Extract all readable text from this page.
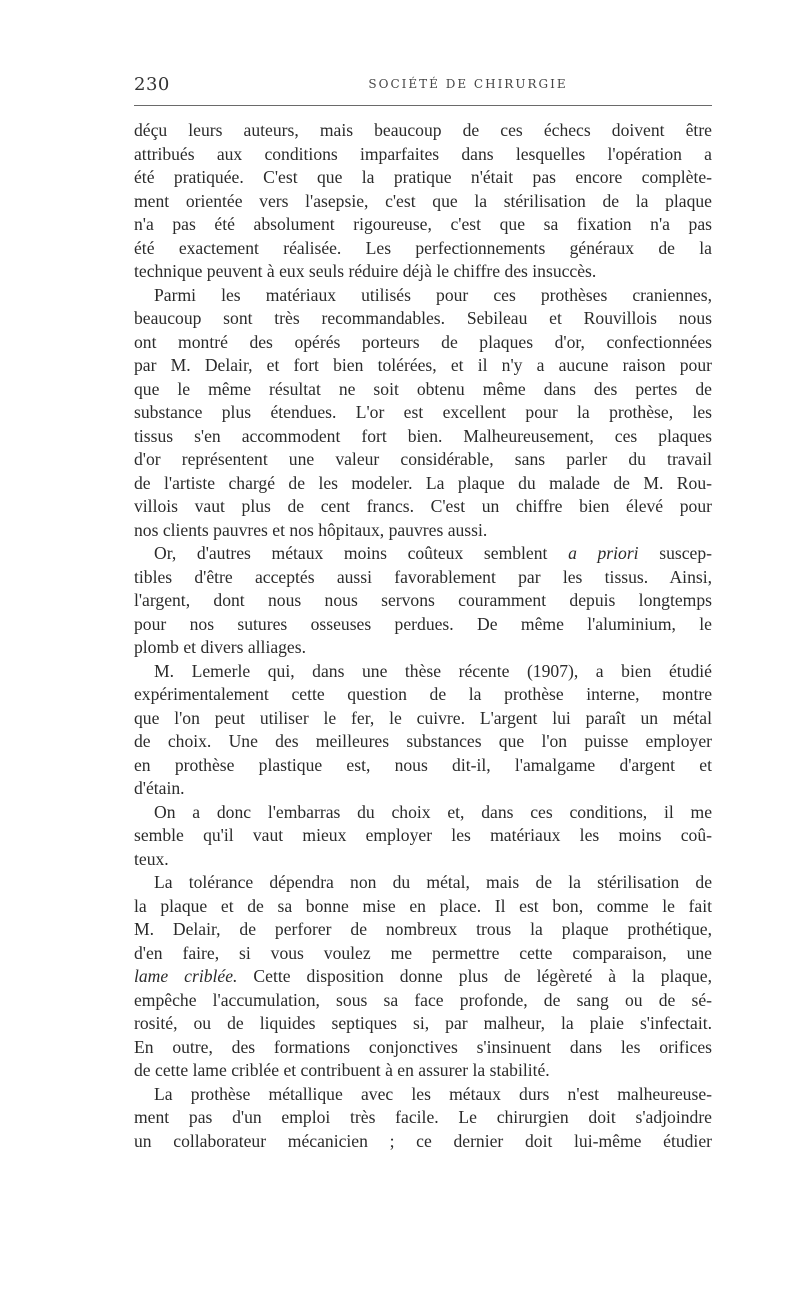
230	SOCIÉTÉ DE CHIRURGIE
déçu leurs auteurs, mais beaucoup de ces échecs doivent être
attribués aux conditions imparfaites dans lesquelles l'opération a
été pratiquée. C'est que la pratique n'était pas encore complète-
ment orientée vers l'asepsie, c'est que la stérilisation de la plaque
n'a pas été absolument rigoureuse, c'est que sa fixation n'a pas
été exactement réalisée. Les perfectionnements généraux de la
technique peuvent à eux seuls réduire déjà le chiffre des insuccès.
Parmi les matériaux utilisés pour ces prothèses craniennes,
beaucoup sont très recommandables. Sebileau et Rouvillois nous
ont montré des opérés porteurs de plaques d'or, confectionnées
par M. Delair, et fort bien tolérées, et il n'y a aucune raison pour
que le même résultat ne soit obtenu même dans des pertes de
substance plus étendues. L'or est excellent pour la prothèse, les
tissus s'en accommodent fort bien. Malheureusement, ces plaques
d'or représentent une valeur considérable, sans parler du travail
de l'artiste chargé de les modeler. La plaque du malade de M. Rou-
villois vaut plus de cent francs. C'est un chiffre bien élevé pour
nos clients pauvres et nos hôpitaux, pauvres aussi.
Or, d'autres métaux moins coûteux semblent a priori suscep-
tibles d'être acceptés aussi favorablement par les tissus. Ainsi,
l'argent, dont nous nous servons couramment depuis longtemps
pour nos sutures osseuses perdues. De même l'aluminium, le
plomb et divers alliages.
M. Lemerle qui, dans une thèse récente (1907), a bien étudié
expérimentalement cette question de la prothèse interne, montre
que l'on peut utiliser le fer, le cuivre. L'argent lui paraît un métal
de choix. Une des meilleures substances que l'on puisse employer
en prothèse plastique est, nous dit-il, l'amalgame d'argent et
d'étain.
On a donc l'embarras du choix et, dans ces conditions, il me
semble qu'il vaut mieux employer les matériaux les moins coû-
teux.
La tolérance dépendra non du métal, mais de la stérilisation de
la plaque et de sa bonne mise en place. Il est bon, comme le fait
M. Delair, de perforer de nombreux trous la plaque prothétique,
d'en faire, si vous voulez me permettre cette comparaison, une
lame criblée. Cette disposition donne plus de légèreté à la plaque,
empêche l'accumulation, sous sa face profonde, de sang ou de sé-
rosité, ou de liquides septiques si, par malheur, la plaie s'infectait.
En outre, des formations conjonctives s'insinuent dans les orifices
de cette lame criblée et contribuent à en assurer la stabilité.
La prothèse métallique avec les métaux durs n'est malheureuse-
ment pas d'un emploi très facile. Le chirurgien doit s'adjoindre
un collaborateur mécanicien ; ce dernier doit lui-même étudier
